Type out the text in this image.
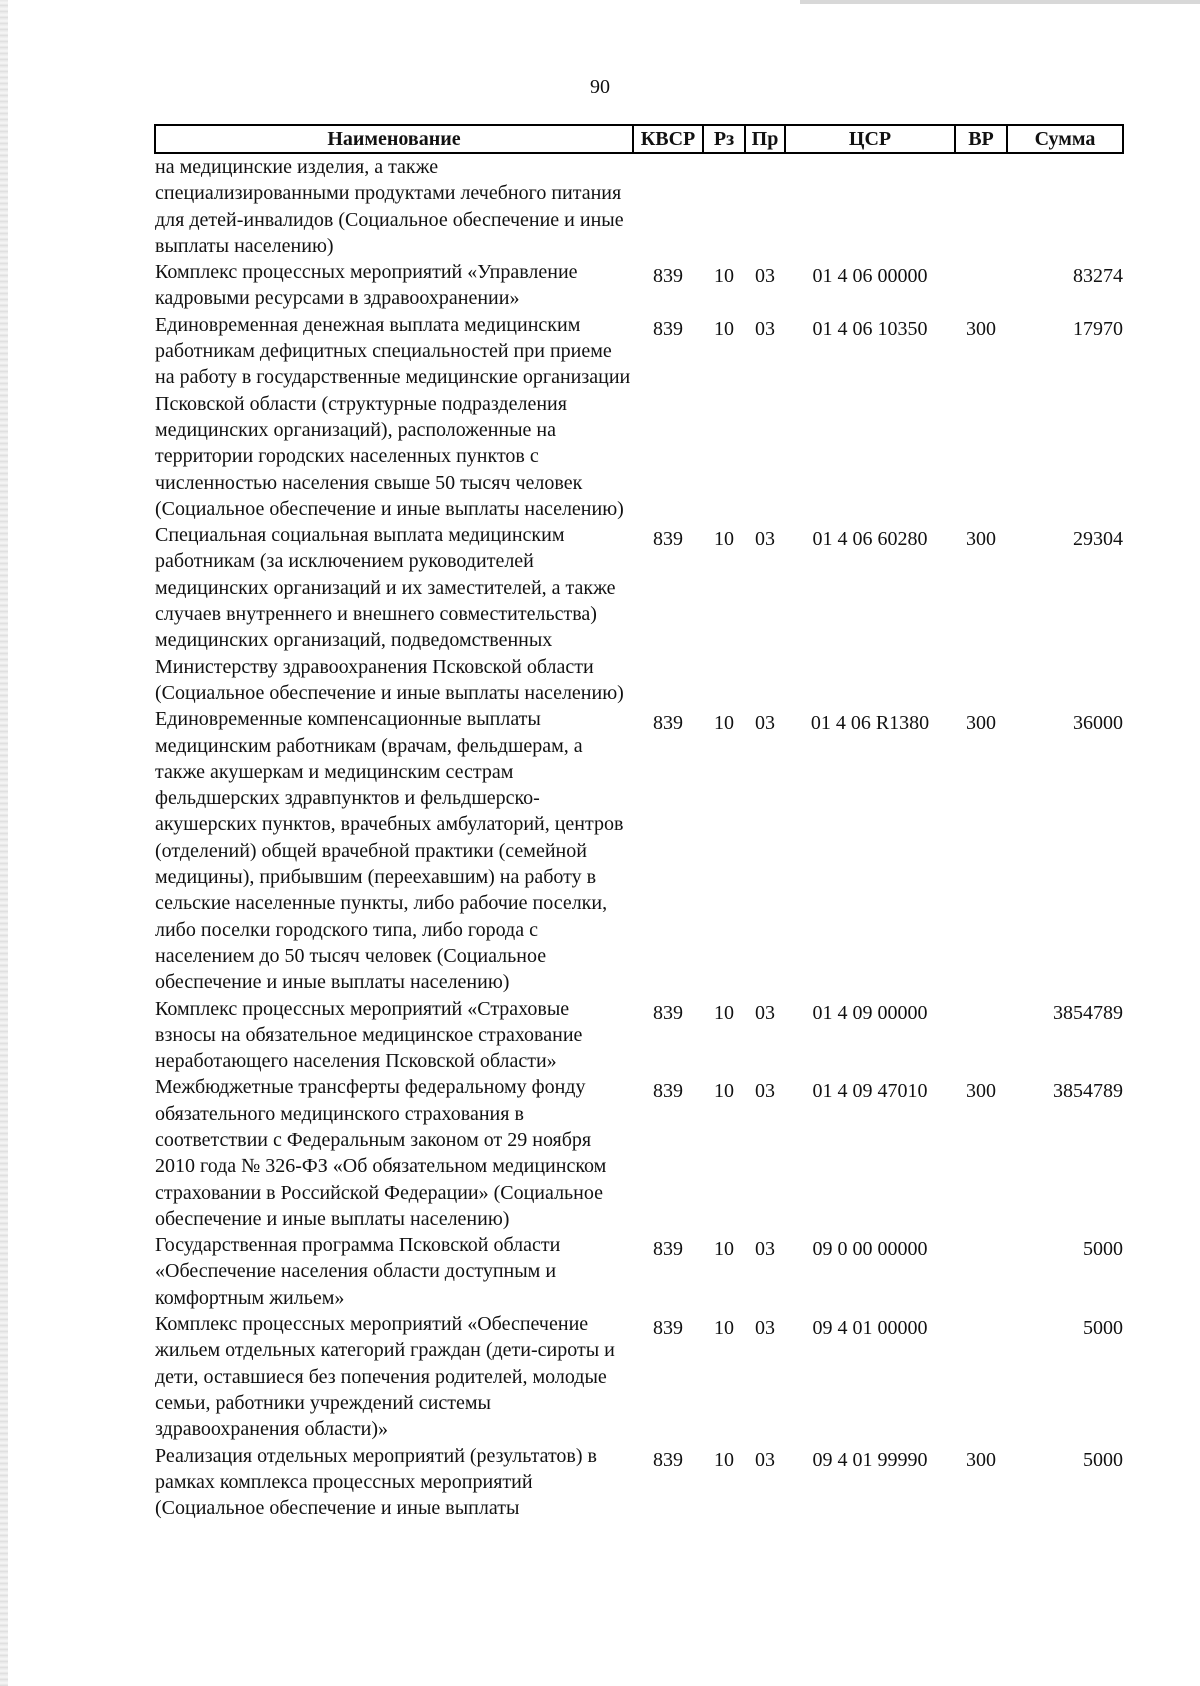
90
Наименование	КВСР	Рз	Пр	ЦСР	ВР	Сумма
на медицинские изделия, а также специализированными продуктами лечебного питания для детей-инвалидов (Социальное обеспечение и иные выплаты населению)						
Комплекс процессных мероприятий «Управление кадровыми ресурсами в здравоохранении»	839	10	03	01 4 06 00000		83274
Единовременная денежная выплата медицинским работникам дефицитных специальностей при приеме на работу в государственные медицинские организации Псковской области (структурные подразделения медицинских организаций), расположенные на территории городских населенных пунктов с численностью населения свыше 50 тысяч человек (Социальное обеспечение и иные выплаты населению)	839	10	03	01 4 06 10350	300	17970
Специальная социальная выплата медицинским работникам (за исключением руководителей медицинских организаций и их заместителей, а также случаев внутреннего и внешнего совместительства) медицинских организаций, подведомственных Министерству здравоохранения Псковской области (Социальное обеспечение и иные выплаты населению)	839	10	03	01 4 06 60280	300	29304
Единовременные компенсационные выплаты медицинским работникам (врачам, фельдшерам, а также акушеркам и медицинским сестрам фельдшерских здравпунктов и фельдшерско-акушерских пунктов, врачебных амбулаторий, центров (отделений) общей врачебной практики (семейной медицины), прибывшим (переехавшим) на работу в сельские населенные пункты, либо рабочие поселки, либо поселки городского типа, либо города с населением до 50 тысяч человек (Социальное обеспечение и иные выплаты населению)	839	10	03	01 4 06 R1380	300	36000
Комплекс процессных мероприятий «Страховые взносы на обязательное медицинское страхование неработающего населения Псковской области»	839	10	03	01 4 09 00000		3854789
Межбюджетные трансферты федеральному фонду обязательного медицинского страхования в соответствии с Федеральным законом от 29 ноября 2010 года № 326-ФЗ «Об обязательном медицинском страховании в Российской Федерации» (Социальное обеспечение и иные выплаты населению)	839	10	03	01 4 09 47010	300	3854789
Государственная программа Псковской области «Обеспечение населения области доступным и комфортным жильем»	839	10	03	09 0 00 00000		5000
Комплекс процессных мероприятий «Обеспечение жильем отдельных категорий граждан (дети-сироты и дети, оставшиеся без попечения родителей, молодые семьи, работники учреждений системы здравоохранения области)»	839	10	03	09 4 01 00000		5000
Реализация отдельных мероприятий (результатов) в рамках комплекса процессных мероприятий (Социальное обеспечение и иные выплаты	839	10	03	09 4 01 99990	300	5000
